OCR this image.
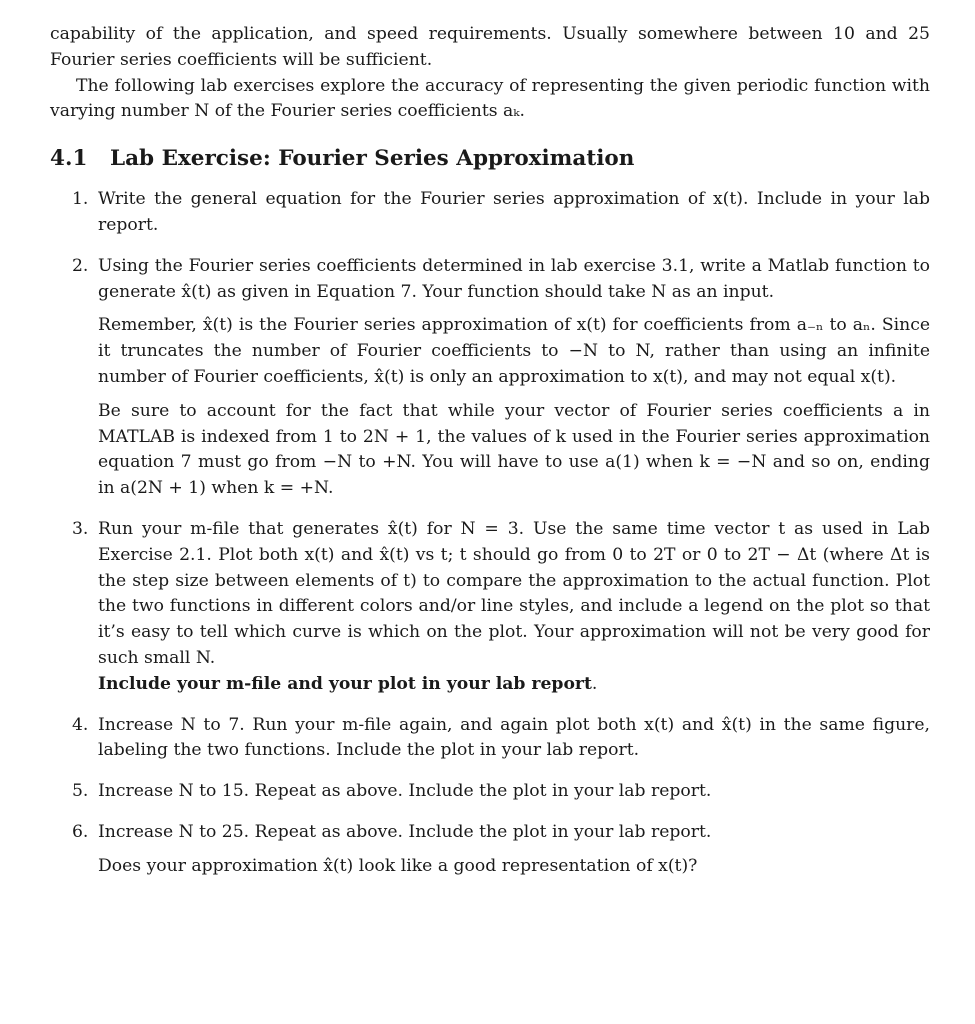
capability of the application, and speed requirements. Usually somewhere between 10 and 25 Fourier series coefficients will be sufficient.

The following lab exercises explore the accuracy of representing the given periodic function with varying number N of the Fourier series coefficients aₖ.

4.1	Lab Exercise: Fourier Series Approximation
1. Write the general equation for the Fourier series approximation of x(t). Include in your lab report.

2. Using the Fourier series coefficients determined in lab exercise 3.1, write a Matlab function to generate x̂(t) as given in Equation 7. Your function should take N as an input.

Remember, x̂(t) is the Fourier series approximation of x(t) for coefficients from a₋ₙ to aₙ. Since it truncates the number of Fourier coefficients to −N to N, rather than using an infinite number of Fourier coefficients, x̂(t) is only an approximation to x(t), and may not equal x(t).

Be sure to account for the fact that while your vector of Fourier series coefficients a in MATLAB is indexed from 1 to 2N + 1, the values of k used in the Fourier series approximation equation 7 must go from −N to +N. You will have to use a(1) when k = −N and so on, ending in a(2N + 1) when k = +N.

3. Run your m-file that generates x̂(t) for N = 3. Use the same time vector t as used in Lab Exercise 2.1. Plot both x(t) and x̂(t) vs t; t should go from 0 to 2T or 0 to 2T − Δt (where Δt is the step size between elements of t) to compare the approximation to the actual function. Plot the two functions in different colors and/or line styles, and include a legend on the plot so that it’s easy to tell which curve is which on the plot. Your approximation will not be very good for such small N.

Include your m-file and your plot in your lab report.

4. Increase N to 7. Run your m-file again, and again plot both x(t) and x̂(t) in the same figure, labeling the two functions. Include the plot in your lab report.

5. Increase N to 15. Repeat as above. Include the plot in your lab report.

6. Increase N to 25. Repeat as above. Include the plot in your lab report.

Does your approximation x̂(t) look like a good representation of x(t)?
